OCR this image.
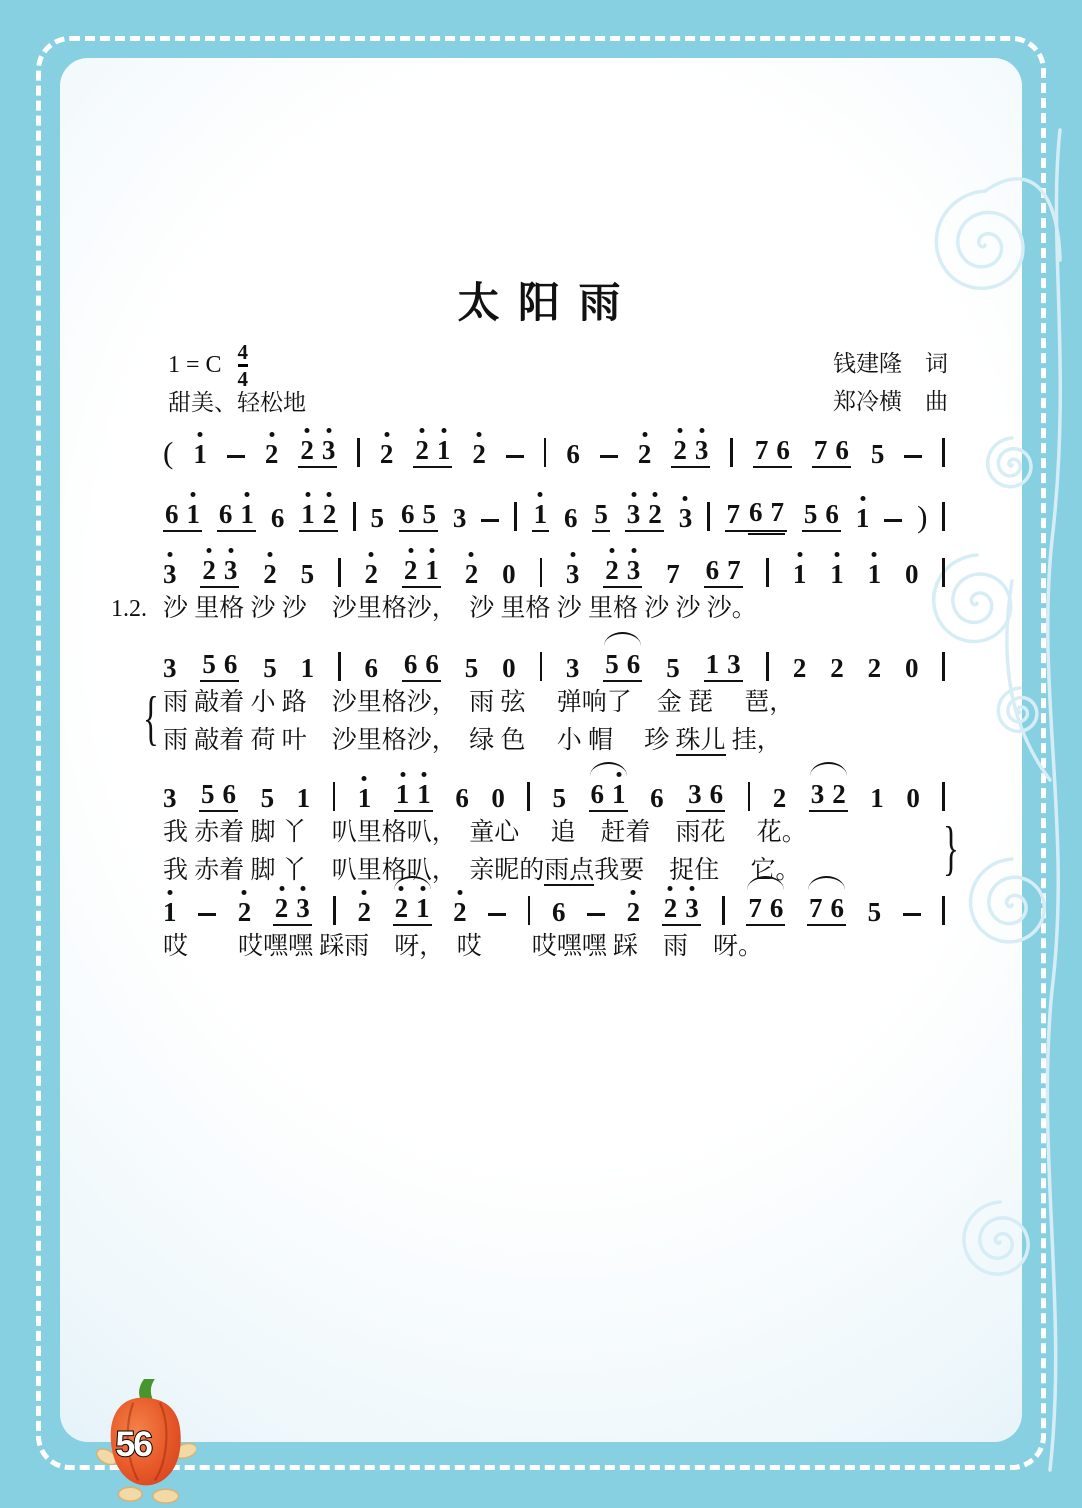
太 阳 雨
1 = C $\frac{4}{4}$
甜美、轻松地
钱建隆　词
郑冷横　曲
( 1 2 2 3 2 2 1 2	6 2 2 3 7 6 7 6 5
6 1 6 1 6 1 2 5 6 5 3 1 6 5 3 2 3 7 6 7 5 6 1 )
3 2 3 2 5 2 2 1 2 0 3 2 3 7 6 7 1 1 1 0
1.2. 沙 里格 沙 沙　沙里格沙，　沙 里格 沙 里格 沙 沙 沙。
3 5 6 5 1 6 6 6 5 0 3 5 6 5 1 3 2 2 2 0
雨 敲着 小 路　沙里格沙，　雨 弦　 弹响了　金 琵　 琶，
雨 敲着 荷 叶　沙里格沙，　绿 色　 小 帽　 珍 珠儿 挂，
{
3 5 6 5 1 1 1 1 6 0 5 6 1 6 3 6 2 3 2 1 0
我 赤着 脚 丫　叭里格叭，　童心　 追　赶着　雨花　 花。
我 赤着 脚 丫　叭里格叭，　亲昵的雨点我要　捉住　 它。	}
1 2 2 3 2 2 1 2	6 2 2 3 7 6 7 6 5
哎　　哎嘿嘿 踩雨　呀，　哎　　哎嘿嘿 踩　雨　呀。
56
